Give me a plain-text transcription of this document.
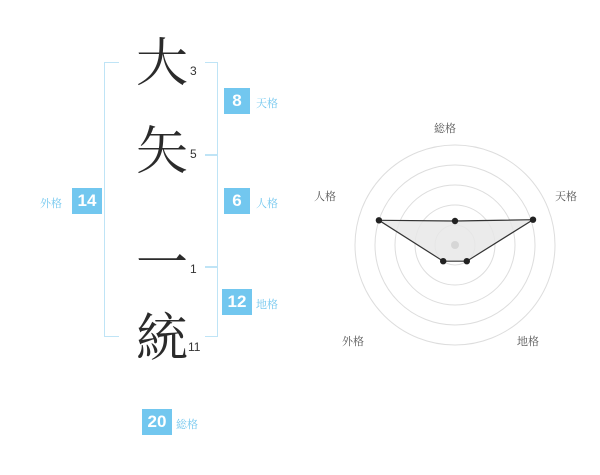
外格 14
大 3
矢 5
一 1
統 11
8	天格
6	人格
12 地格
20 総格
総格
天格
地格
外格
人格
